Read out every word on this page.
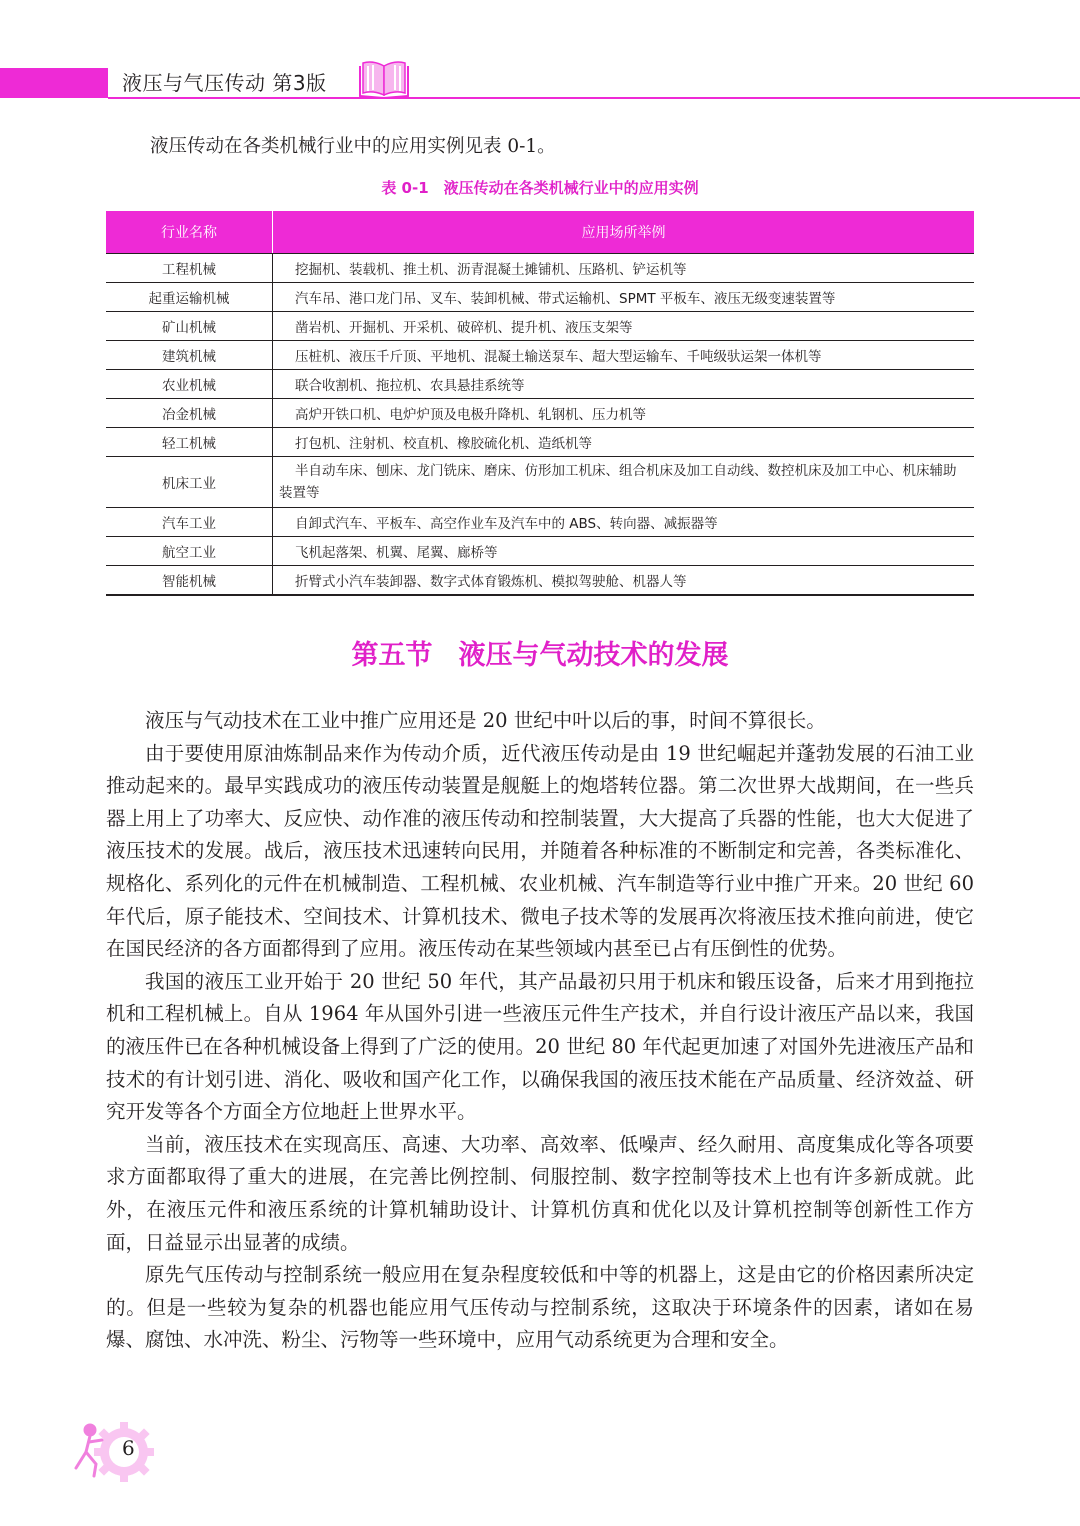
液压与气压传动 第3版
液压传动在各类机械行业中的应用实例见表 0-1。
表 0-1　液压传动在各类机械行业中的应用实例
行业名称	应用场所举例
工程机械	挖掘机、装载机、推土机、沥青混凝土摊铺机、压路机、铲运机等
起重运输机械	汽车吊、港口龙门吊、叉车、装卸机械、带式运输机、SPMT 平板车、液压无级变速装置等
矿山机械	凿岩机、开掘机、开采机、破碎机、提升机、液压支架等
建筑机械	压桩机、液压千斤顶、平地机、混凝土输送泵车、超大型运输车、千吨级驮运架一体机等
农业机械	联合收割机、拖拉机、农具悬挂系统等
冶金机械	高炉开铁口机、电炉炉顶及电极升降机、轧钢机、压力机等
轻工机械	打包机、注射机、校直机、橡胶硫化机、造纸机等
机床工业	半自动车床、刨床、龙门铣床、磨床、仿形加工机床、组合机床及加工自动线、数控机床及加工中心、机床辅助装置等
汽车工业	自卸式汽车、平板车、高空作业车及汽车中的 ABS、转向器、减振器等
航空工业	飞机起落架、机翼、尾翼、廊桥等
智能机械	折臂式小汽车装卸器、数字式体育锻炼机、模拟驾驶舱、机器人等
第五节 液压与气动技术的发展

液压与气动技术在工业中推广应用还是 20 世纪中叶以后的事，时间不算很长。

由于要使用原油炼制品来作为传动介质，近代液压传动是由 19 世纪崛起并蓬勃发展的石油工业推动起来的。最早实践成功的液压传动装置是舰艇上的炮塔转位器。第二次世界大战期间，在一些兵器上用上了功率大、反应快、动作准的液压传动和控制装置，大大提高了兵器的性能，也大大促进了液压技术的发展。战后，液压技术迅速转向民用，并随着各种标准的不断制定和完善，各类标准化、规格化、系列化的元件在机械制造、工程机械、农业机械、汽车制造等行业中推广开来。20 世纪 60 年代后，原子能技术、空间技术、计算机技术、微电子技术等的发展再次将液压技术推向前进，使它在国民经济的各方面都得到了应用。液压传动在某些领域内甚至已占有压倒性的优势。

我国的液压工业开始于 20 世纪 50 年代，其产品最初只用于机床和锻压设备，后来才用到拖拉机和工程机械上。自从 1964 年从国外引进一些液压元件生产技术，并自行设计液压产品以来，我国的液压件已在各种机械设备上得到了广泛的使用。20 世纪 80 年代起更加速了对国外先进液压产品和技术的有计划引进、消化、吸收和国产化工作，以确保我国的液压技术能在产品质量、经济效益、研究开发等各个方面全方位地赶上世界水平。

当前，液压技术在实现高压、高速、大功率、高效率、低噪声、经久耐用、高度集成化等各项要求方面都取得了重大的进展，在完善比例控制、伺服控制、数字控制等技术上也有许多新成就。此外，在液压元件和液压系统的计算机辅助设计、计算机仿真和优化以及计算机控制等创新性工作方面，日益显示出显著的成绩。

原先气压传动与控制系统一般应用在复杂程度较低和中等的机器上，这是由它的价格因素所决定的。但是一些较为复杂的机器也能应用气压传动与控制系统，这取决于环境条件的因素，诸如在易爆、腐蚀、水冲洗、粉尘、污物等一些环境中，应用气动系统更为合理和安全。

6
